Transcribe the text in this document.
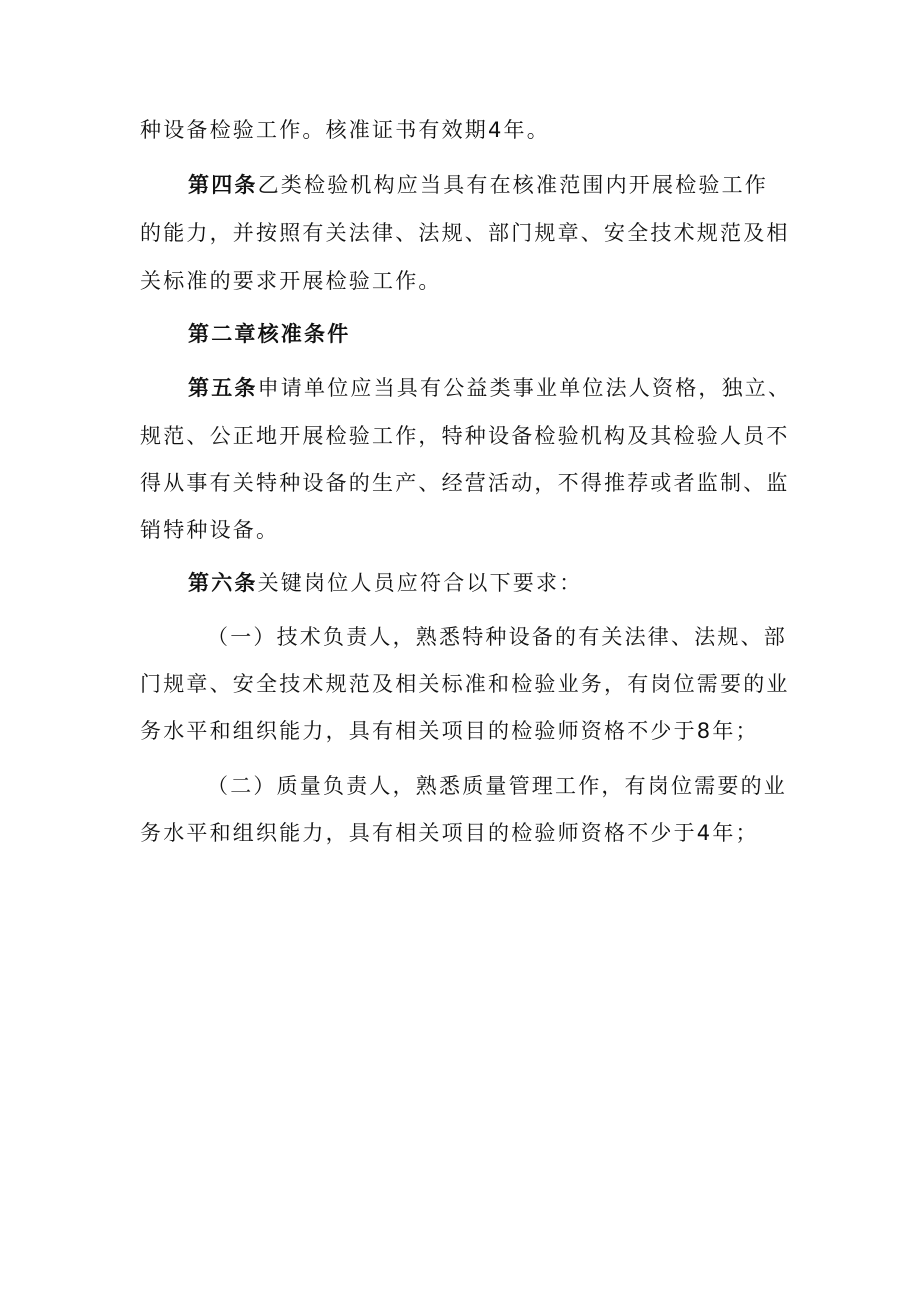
种设备检验工作。核准证书有效期4年。
第四条乙类检验机构应当具有在核准范围内开展检验工作
的能力，并按照有关法律、法规、部门规章、安全技术规范及相
关标准的要求开展检验工作。
第二章核准条件
第五条申请单位应当具有公益类事业单位法人资格，独立、
规范、公正地开展检验工作，特种设备检验机构及其检验人员不
得从事有关特种设备的生产、经营活动，不得推荐或者监制、监
销特种设备。
第六条关键岗位人员应符合以下要求：
（一）技术负责人，熟悉特种设备的有关法律、法规、部
门规章、安全技术规范及相关标准和检验业务，有岗位需要的业
务水平和组织能力，具有相关项目的检验师资格不少于8年；
（二）质量负责人，熟悉质量管理工作，有岗位需要的业
务水平和组织能力，具有相关项目的检验师资格不少于4年；
